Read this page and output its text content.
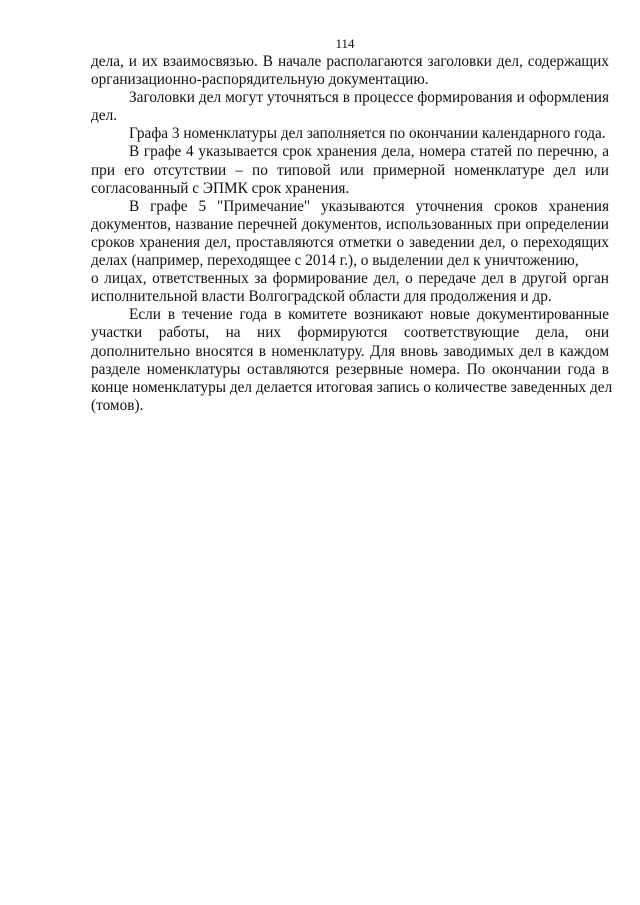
114

дела, и их взаимосвязью. В начале располагаются заголовки дел, содержащих
организационно-распорядительную документацию.

Заголовки дел могут уточняться в процессе формирования и оформления
дел.

Графа 3 номенклатуры дел заполняется по окончании календарного года.

В графе 4 указывается срок хранения дела, номера статей по перечню, а
при его отсутствии – по типовой или примерной номенклатуре дел или
согласованный с ЭПМК срок хранения.

В графе 5 "Примечание" указываются уточнения сроков хранения
документов, название перечней документов, использованных при определении
сроков хранения дел, проставляются отметки о заведении дел, о переходящих
делах (например, переходящее с 2014 г.), о выделении дел к уничтожению,
о лицах, ответственных за формирование дел, о передаче дел в другой орган
исполнительной власти Волгоградской области для продолжения и др.

Если в течение года в комитете возникают новые документированные
участки работы, на них формируются соответствующие дела, они
дополнительно вносятся в номенклатуру. Для вновь заводимых дел в каждом
разделе номенклатуры оставляются резервные номера. По окончании года в
конце номенклатуры дел делается итоговая запись о количестве заведенных дел
(томов).
